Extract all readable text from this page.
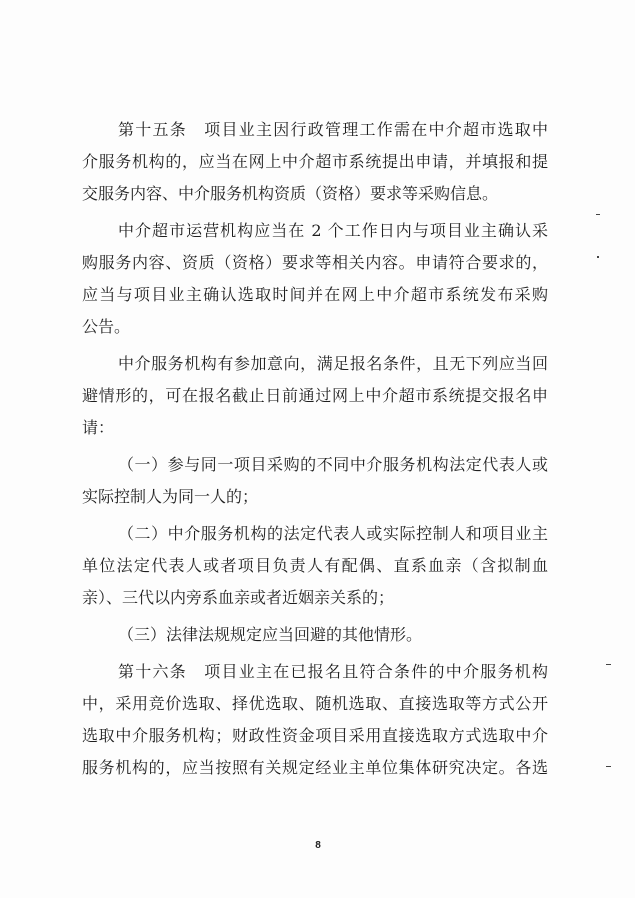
第十五条　项目业主因行政管理工作需在中介超市选取中
介服务机构的，应当在网上中介超市系统提出申请，并填报和提
交服务内容、中介服务机构资质（资格）要求等采购信息。
中介超市运营机构应当在 2 个工作日内与项目业主确认采
购服务内容、资质（资格）要求等相关内容。申请符合要求的，
应当与项目业主确认选取时间并在网上中介超市系统发布采购
公告。
中介服务机构有参加意向，满足报名条件，且无下列应当回
避情形的，可在报名截止日前通过网上中介超市系统提交报名申
请：
（一）参与同一项目采购的不同中介服务机构法定代表人或
实际控制人为同一人的；
（二）中介服务机构的法定代表人或实际控制人和项目业主
单位法定代表人或者项目负责人有配偶、直系血亲（含拟制血
亲）、三代以内旁系血亲或者近姻亲关系的；
（三）法律法规规定应当回避的其他情形。
第十六条　项目业主在已报名且符合条件的中介服务机构
中，采用竞价选取、择优选取、随机选取、直接选取等方式公开
选取中介服务机构；财政性资金项目采用直接选取方式选取中介
服务机构的，应当按照有关规定经业主单位集体研究决定。各选
8
